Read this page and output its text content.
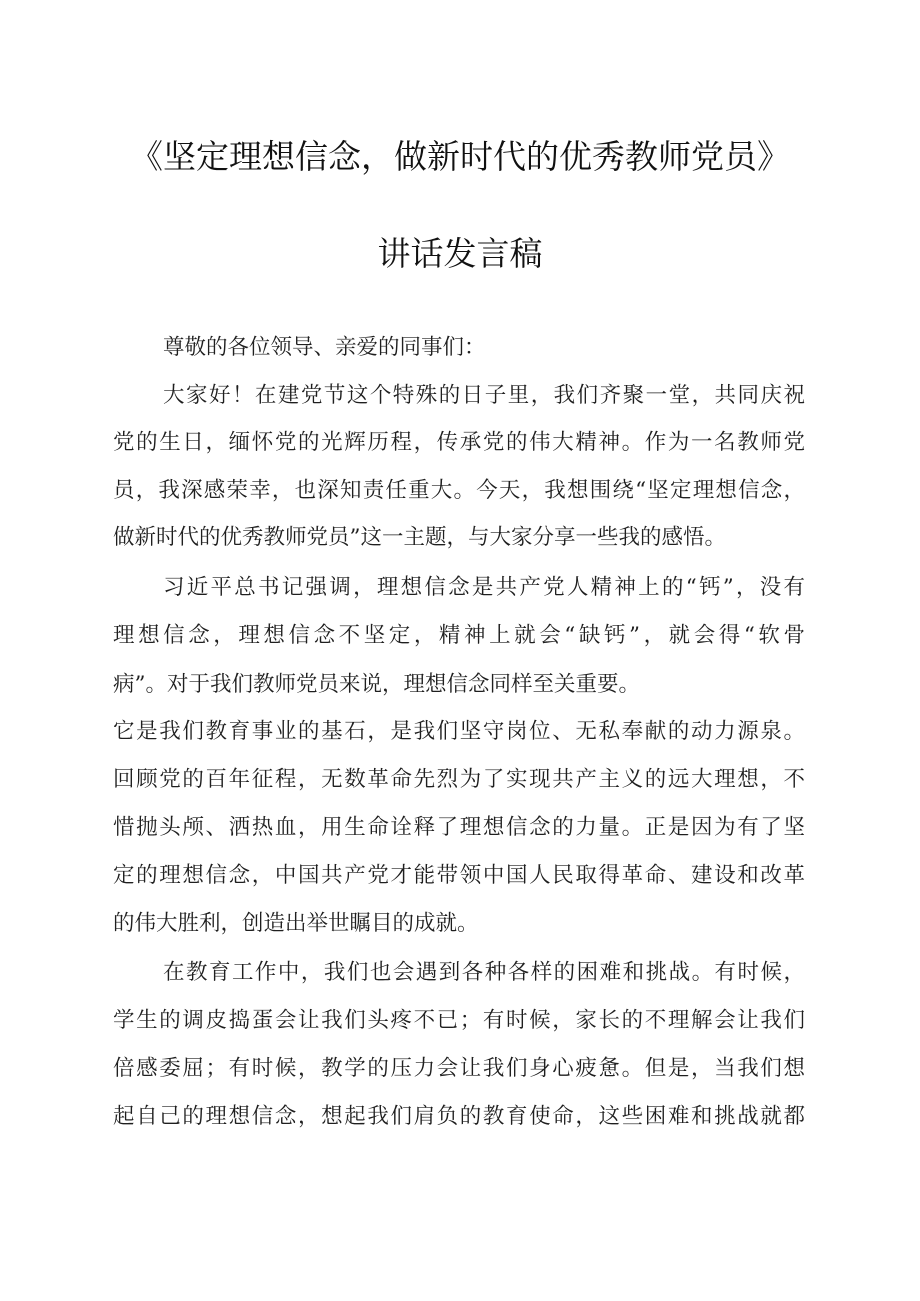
《坚定理想信念，做新时代的优秀教师党员》
讲话发言稿
尊敬的各位领导、亲爱的同事们：
大家好！在建党节这个特殊的日子里，我们齐聚一堂，共同庆祝
党的生日，缅怀党的光辉历程，传承党的伟大精神。作为一名教师党
员，我深感荣幸，也深知责任重大。今天，我想围绕“坚定理想信念，
做新时代的优秀教师党员”这一主题，与大家分享一些我的感悟。
习近平总书记强调，理想信念是共产党人精神上的“钙”，没有
理想信念，理想信念不坚定，精神上就会“缺钙”，就会得“软骨
病”。对于我们教师党员来说，理想信念同样至关重要。
它是我们教育事业的基石，是我们坚守岗位、无私奉献的动力源泉。
回顾党的百年征程，无数革命先烈为了实现共产主义的远大理想，不
惜抛头颅、洒热血，用生命诠释了理想信念的力量。正是因为有了坚
定的理想信念，中国共产党才能带领中国人民取得革命、建设和改革
的伟大胜利，创造出举世瞩目的成就。
在教育工作中，我们也会遇到各种各样的困难和挑战。有时候，
学生的调皮捣蛋会让我们头疼不已；有时候，家长的不理解会让我们
倍感委屈；有时候，教学的压力会让我们身心疲惫。但是，当我们想
起自己的理想信念，想起我们肩负的教育使命，这些困难和挑战就都
